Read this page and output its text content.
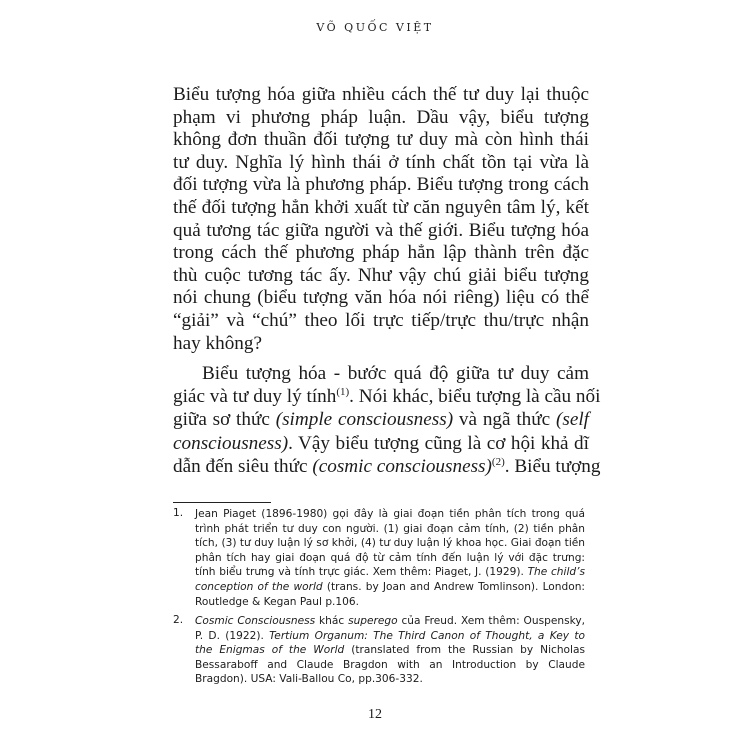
VÕ QUỐC VIỆT
Biểu tượng hóa giữa nhiều cách thế tư duy lại thuộc
phạm vi phương pháp luận. Dầu vậy, biểu tượng
không đơn thuần đối tượng tư duy mà còn hình thái
tư duy. Nghĩa lý hình thái ở tính chất tồn tại vừa là
đối tượng vừa là phương pháp. Biểu tượng trong cách
thế đối tượng hẳn khởi xuất từ căn nguyên tâm lý, kết
quả tương tác giữa người và thế giới. Biểu tượng hóa
trong cách thế phương pháp hẳn lập thành trên đặc
thù cuộc tương tác ấy. Như vậy chú giải biểu tượng
nói chung (biểu tượng văn hóa nói riêng) liệu có thể
“giải” và “chú” theo lối trực tiếp/trực thu/trực nhận
hay không?
Biểu tượng hóa - bước quá độ giữa tư duy cảm
giác và tư duy lý tính$^{(1)}$. Nói khác, biểu tượng là cầu nối
giữa sơ thức (simple consciousness) và ngã thức (self
consciousness). Vậy biểu tượng cũng là cơ hội khả dĩ
dẫn đến siêu thức (cosmic consciousness)$^{(2)}$. Biểu tượng
1. Jean Piaget (1896-1980) gọi đây là giai đoạn tiền phân tích trong quá
trình phát triển tư duy con người. (1) giai đoạn cảm tính, (2) tiền phân
tích, (3) tư duy luận lý sơ khởi, (4) tư duy luận lý khoa học. Giai đoạn tiền
phân tích hay giai đoạn quá độ từ cảm tính đến luận lý với đặc trưng:
tính biểu trưng và tính trực giác. Xem thêm: Piaget, J. (1929). The child’s
conception of the world (trans. by Joan and Andrew Tomlinson). London:
Routledge & Kegan Paul p.106.
2. Cosmic Consciousness khác superego của Freud. Xem thêm: Ouspensky,
P. D. (1922). Tertium Organum: The Third Canon of Thought, a Key to
the Enigmas of the World (translated from the Russian by Nicholas
Bessaraboff and Claude Bragdon with an Introduction by Claude
Bragdon). USA: Vali-Ballou Co, pp.306-332.
12
